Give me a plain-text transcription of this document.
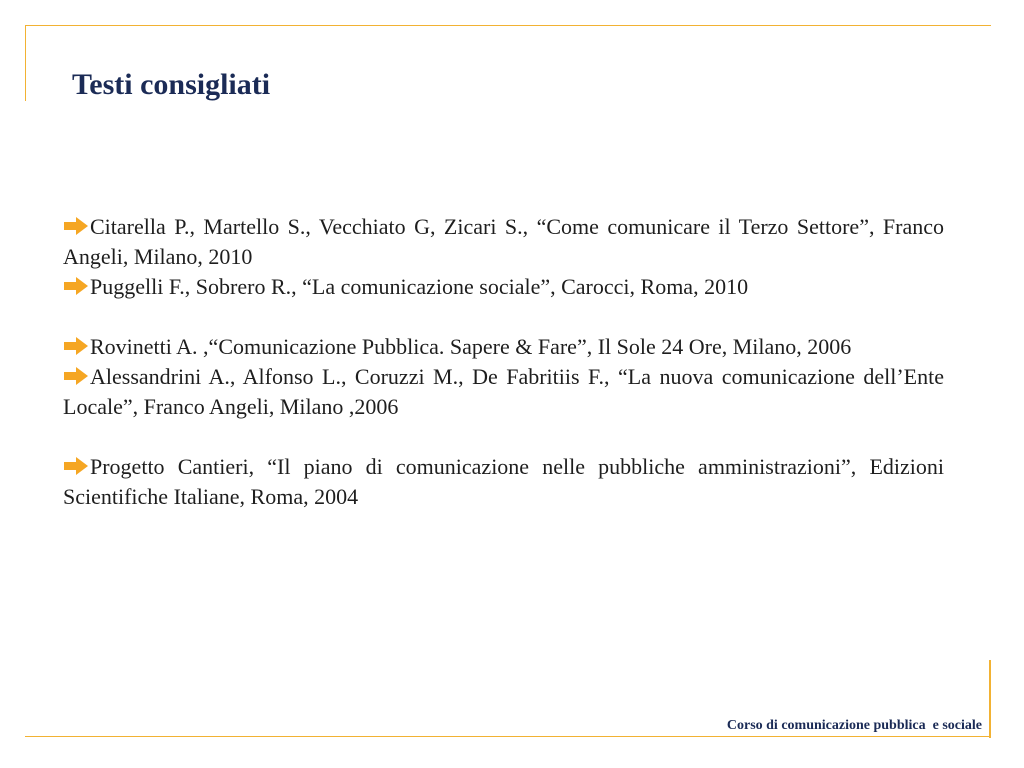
Testi consigliati

Citarella P., Martello S., Vecchiato G, Zicari S., “Come comunicare il Terzo Settore”, Franco Angeli, Milano, 2010

Puggelli F., Sobrero R., “La comunicazione sociale”, Carocci, Roma, 2010

Rovinetti A. ,“Comunicazione Pubblica. Sapere & Fare”, Il Sole 24 Ore, Milano, 2006

Alessandrini A., Alfonso L., Coruzzi M., De Fabritiis F., “La nuova comunicazione dell’Ente Locale”, Franco Angeli, Milano ,2006

Progetto Cantieri, “Il piano di comunicazione nelle pubbliche amministrazioni”, Edizioni Scientifiche Italiane, Roma, 2004

Corso di comunicazione pubblica  e sociale
